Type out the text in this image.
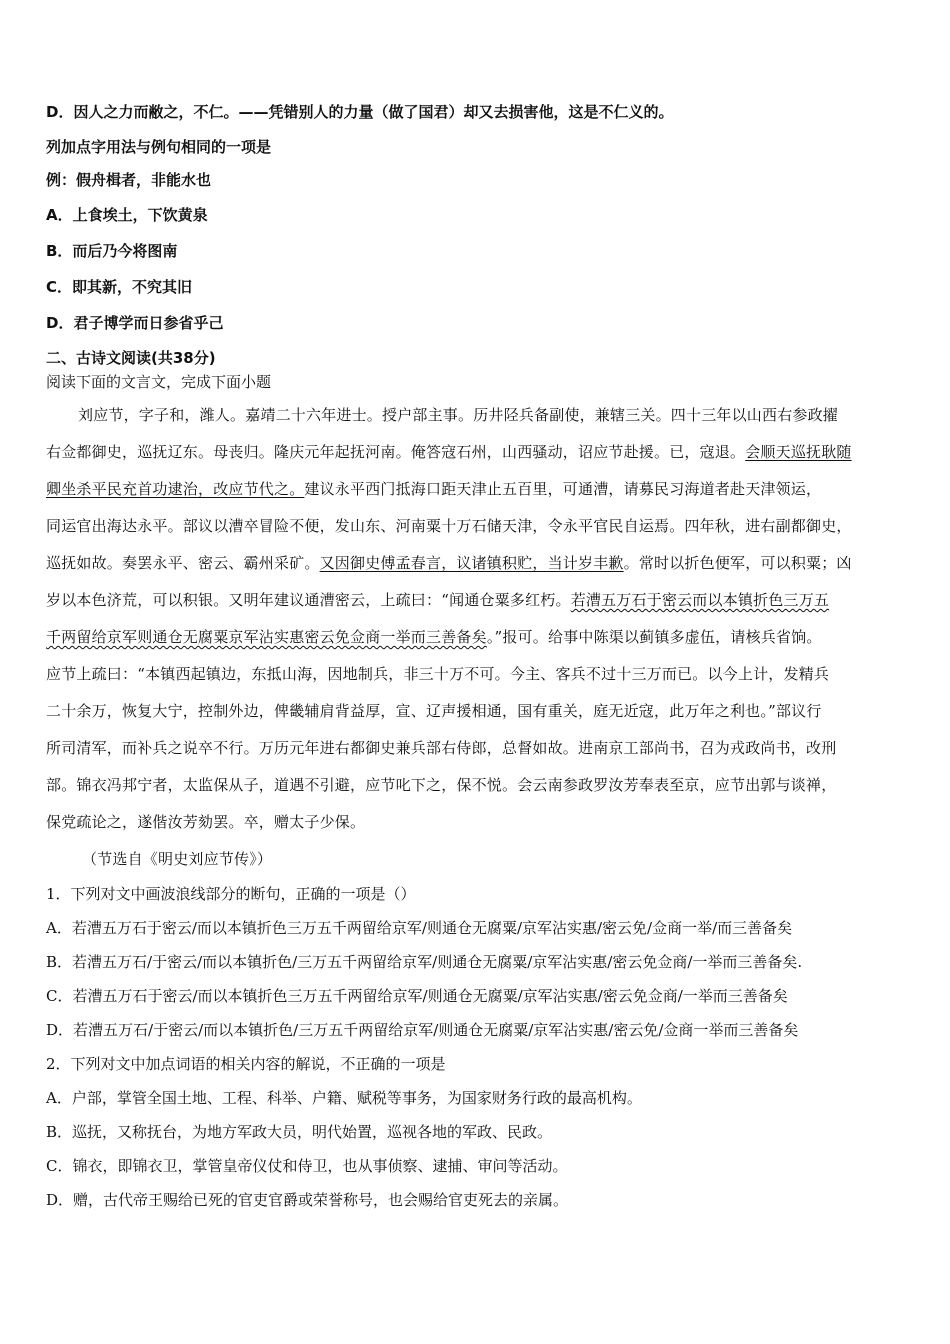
D．因人之力而敝之，不仁。——凭错别人的力量（做了国君）却又去损害他，这是不仁义的。
列加点字用法与例句相同的一项是
例：假舟楫者，非能水也
A．上食埃土，下饮黄泉
B．而后乃今将图南
C．即其新，不究其旧
D．君子博学而日参省乎己
二、古诗文阅读(共38分)
阅读下面的文言文，完成下面小题
刘应节，字子和，潍人。嘉靖二十六年进士。授户部主事。历井陉兵备副使，兼辖三关。四十三年以山西右参政擢
右佥都御史，巡抚辽东。母丧归。隆庆元年起抚河南。俺答寇石州，山西骚动，诏应节赴援。已，寇退。会顺天巡抚耿随
卿坐杀平民充首功逮治，改应节代之。建议永平西门抵海口距天津止五百里，可通漕，请募民习海道者赴天津领运，
同运官出海达永平。部议以漕卒冒险不便，发山东、河南粟十万石储天津，令永平官民自运焉。四年秋，进右副都御史，
巡抚如故。奏罢永平、密云、霸州采矿。又因御史傅孟春言，议诸镇积贮，当计岁丰歉。常时以折色便军，可以积粟；凶
岁以本色济荒，可以积银。又明年建议通漕密云，上疏曰：“闻通仓粟多红朽。若漕五万石于密云而以本镇折色三万五
千两留给京军则通仓无腐粟京军沾实惠密云免佥商一举而三善备矣。”报可。给事中陈渠以蓟镇多虚伍，请核兵省饷。
应节上疏曰：“本镇西起镇边，东抵山海，因地制兵，非三十万不可。今主、客兵不过十三万而已。以今上计，发精兵
二十余万，恢复大宁，控制外边，俾畿辅肩背益厚，宣、辽声援相通，国有重关，庭无近寇，此万年之利也。”部议行
所司清军，而补兵之说卒不行。万历元年进右都御史兼兵部右侍郎，总督如故。进南京工部尚书，召为戎政尚书，改刑
部。锦衣冯邦宁者，太监保从子，道遇不引避，应节叱下之，保不悦。会云南参政罗汝芳奉表至京，应节出郭与谈禅，
保党疏论之，遂偕汝芳劾罢。卒，赠太子少保。
（节选自《明史刘应节传》）
1．下列对文中画波浪线部分的断句，正确的一项是（）
A．若漕五万石于密云/而以本镇折色三万五千两留给京军/则通仓无腐粟/京军沾实惠/密云免/佥商一举/而三善备矣
B．若漕五万石/于密云/而以本镇折色/三万五千两留给京军/则通仓无腐粟/京军沾实惠/密云免佥商/一举而三善备矣.
C．若漕五万石于密云/而以本镇折色三万五千两留给京军/则通仓无腐粟/京军沾实惠/密云免佥商/一举而三善备矣
D．若漕五万石/于密云/而以本镇折色/三万五千两留给京军/则通仓无腐粟/京军沾实惠/密云免/佥商一举而三善备矣
2．下列对文中加点词语的相关内容的解说，不正确的一项是
A．户部，掌管全国土地、工程、科举、户籍、赋税等事务，为国家财务行政的最高机构。
B．巡抚，又称抚台，为地方军政大员，明代始置，巡视各地的军政、民政。
C．锦衣，即锦衣卫，掌管皇帝仪仗和侍卫，也从事侦察、逮捕、审问等活动。
D．赠，古代帝王赐给已死的官吏官爵或荣誉称号，也会赐给官吏死去的亲属。
